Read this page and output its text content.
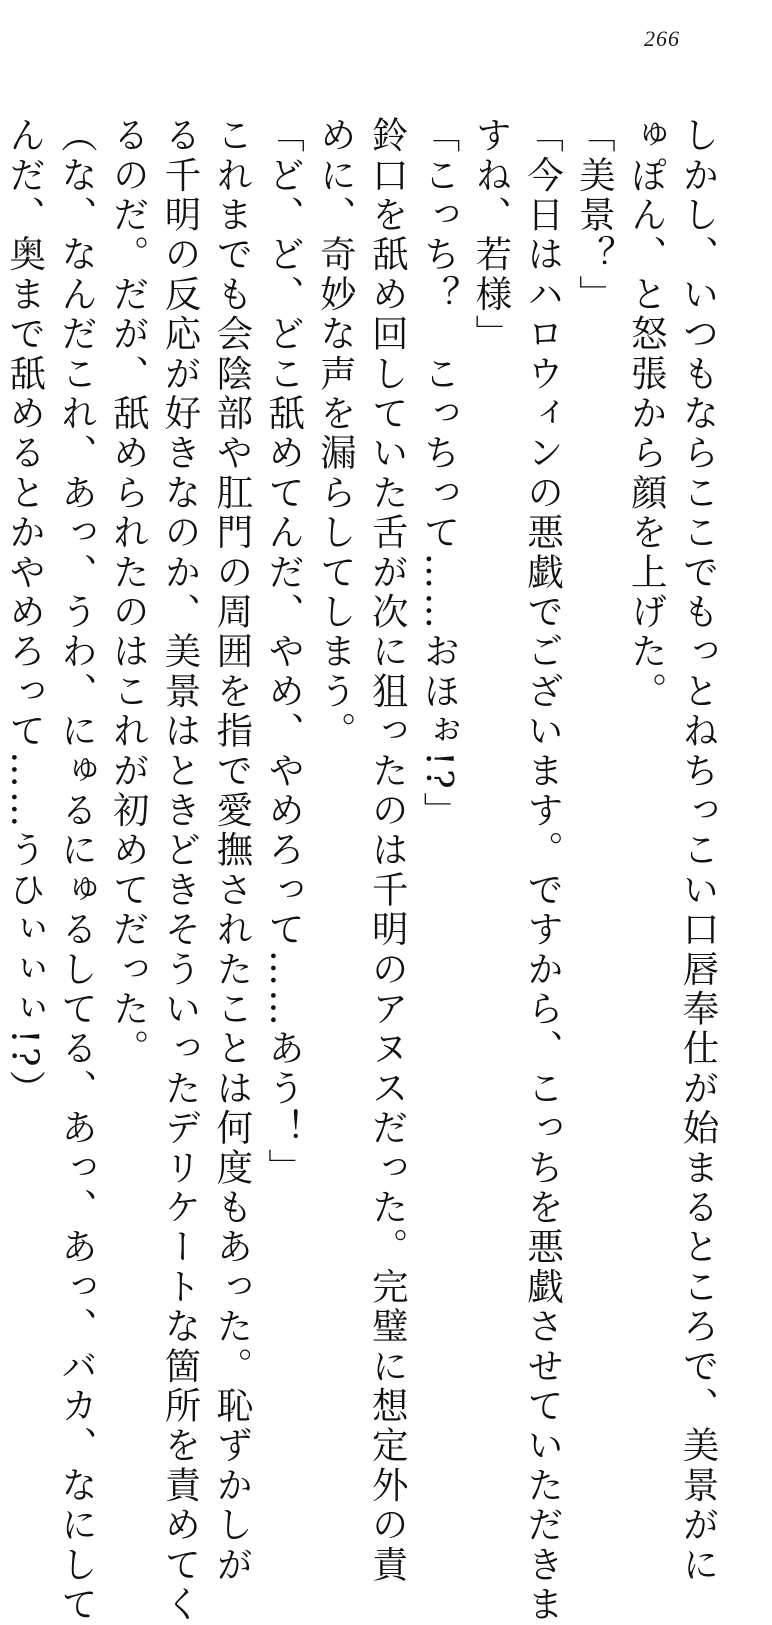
266
しかし、いつもならここでもっとねちっこい口唇奉仕が始まるところで、美景がに
ゅぽん、と怒張から顔を上げた。
「美景？」
「今日はハロウィンの悪戯でございます。ですから、こっちを悪戯させていただきま
すね、若様」
「こっち？　こっちって……おほぉ!?」
鈴口を舐め回していた舌が次に狙ったのは千明のアヌスだった。完璧に想定外の責
めに、奇妙な声を漏らしてしまう。
「ど、ど、どこ舐めてんだ、やめ、やめろって……あう！」
これまでも会陰部や肛門の周囲を指で愛撫されたことは何度もあった。恥ずかしが
る千明の反応が好きなのか、美景はときどきそういったデリケートな箇所を責めてく
るのだ。だが、舐められたのはこれが初めてだった。
（な、なんだこれ、あっ、うわ、にゅるにゅるしてる、あっ、あっ、バカ、なにして
んだ、奥まで舐めるとかやめろって……うひぃぃぃ!?）
